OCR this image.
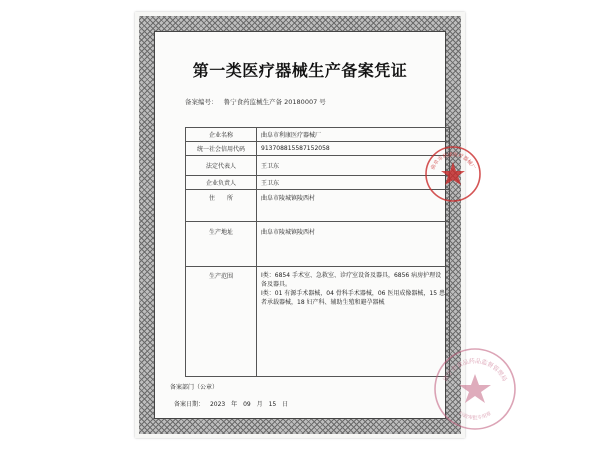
第一类医疗器械生产备案凭证
备案编号： 鲁宁食药监械生产备 20180007 号
企业名称	曲阜市利康医疗器械厂
统一社会信用代码	913708815587152058
法定代表人	王卫东
企业负责人	王卫东
住　　所	曲阜市陵城镇陵西村
生产地址	曲阜市陵城镇陵西村
生产范围	Ⅰ类：6854 手术室、急救室、诊疗室设备及器具，6856 病房护理设备及器具。
Ⅰ类：01 有源手术器械，04 骨科手术器械，06 医用成像器械，15 患者承载器械，18 妇产科、辅助生殖和避孕器械
曲阜市利康医疗器械厂
济宁市食品药品监督管理局
行政审批专用章
备案部门（公章）
备案日期： 2023 年 09 月 15 日
